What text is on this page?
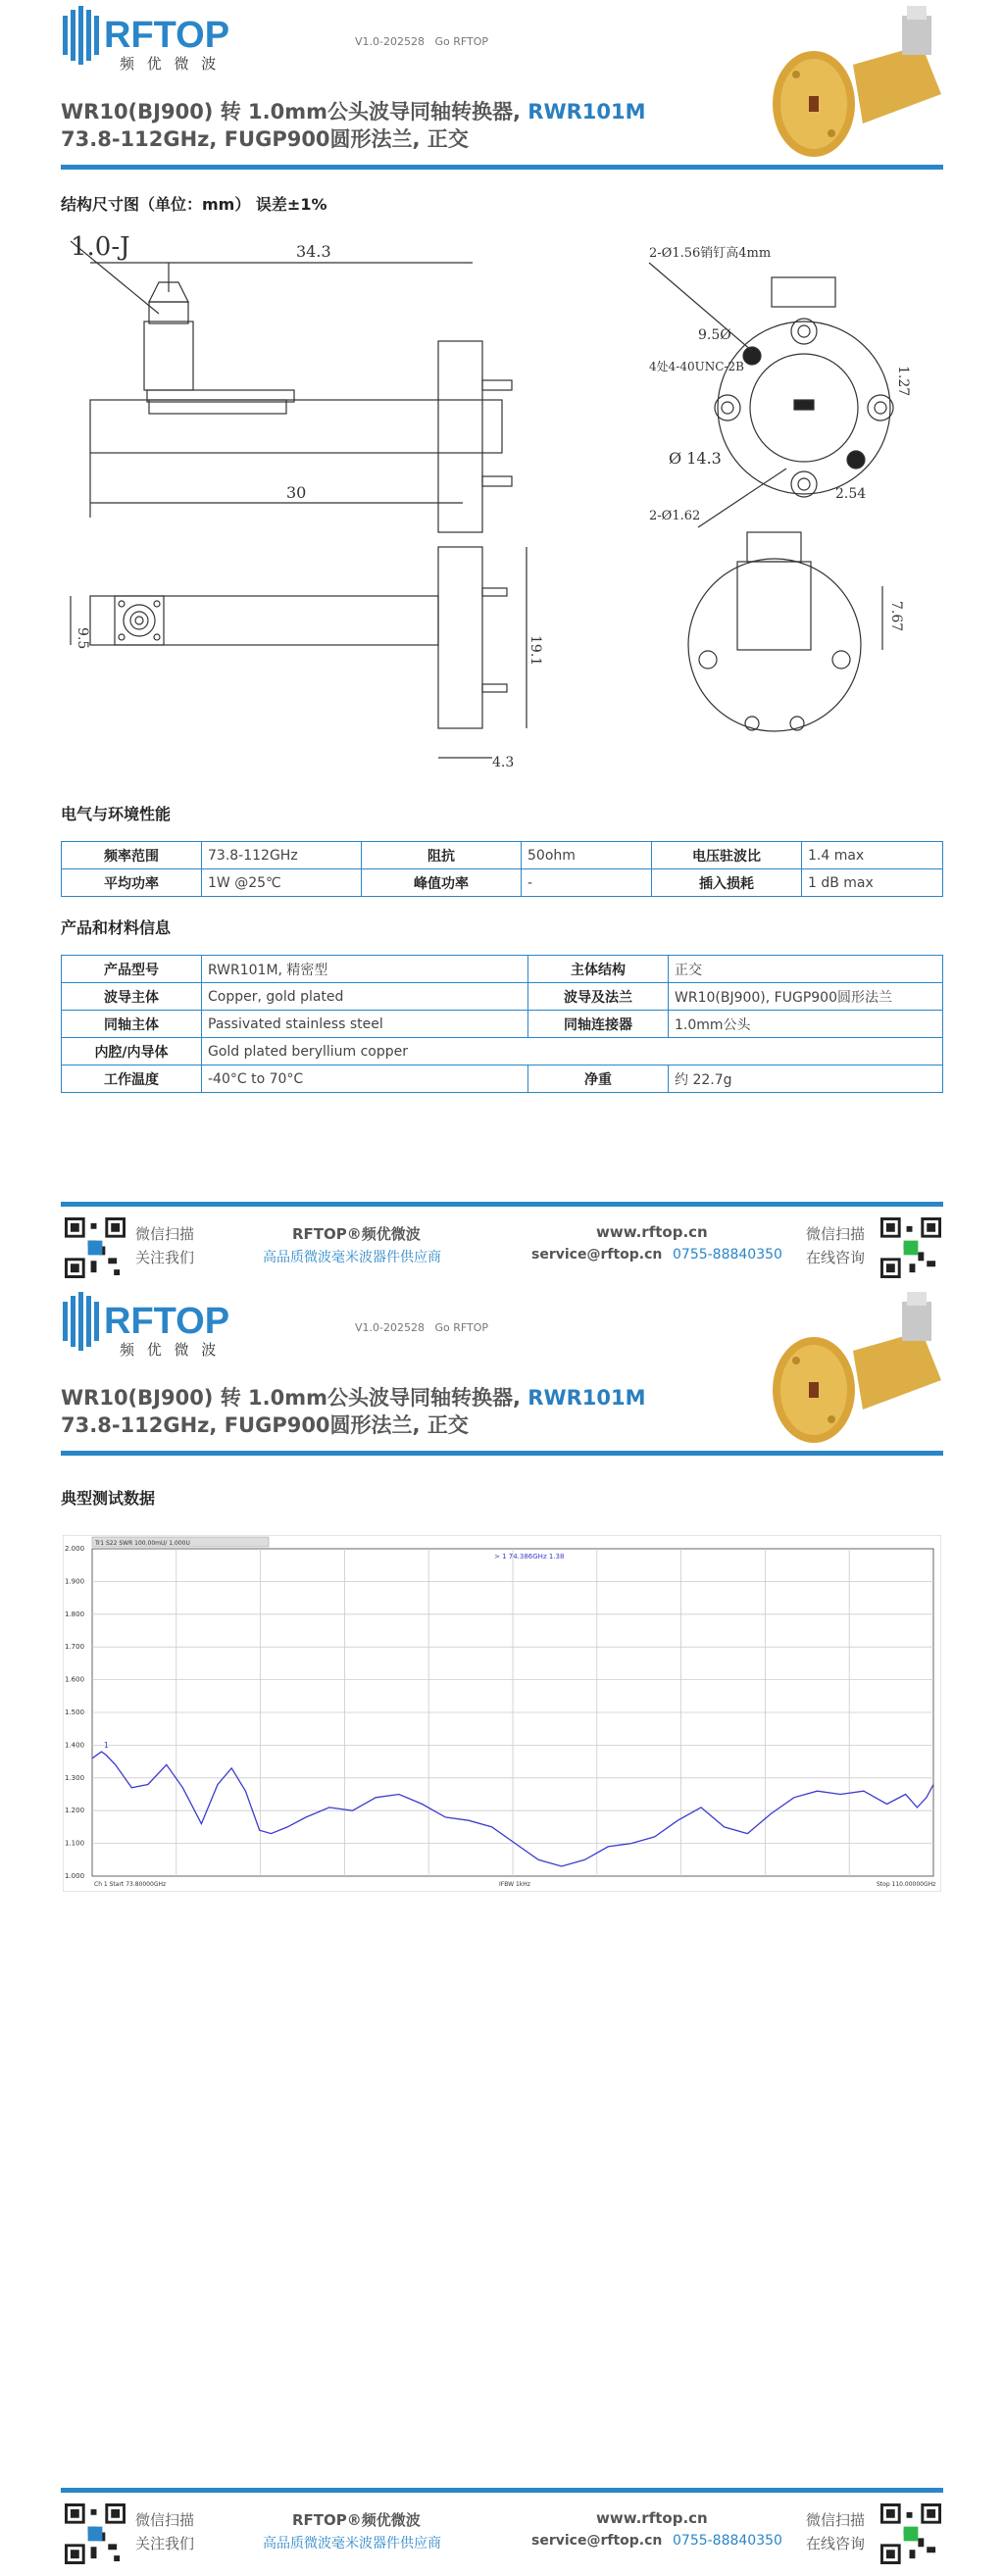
RFTOP
频 优 微 波
V1.0-202528 Go RFTOP
WR10(BJ900) 转 1.0mm公头波导同轴转换器, RWR101M
73.8-112GHz, FUGP900圆形法兰, 正交
结构尺寸图（单位：mm） 误差±1%
1.0-J	34.3
30
9.5	19.1
4.3
2-Ø1.56销钉高4mm
9.5Ø
4处4-40UNC-2B
Ø 14.3
2-Ø1.62
1.27
2.54
7.67
电气与环境性能
频率范围	73.8-112GHz	阻抗	50ohm	电压驻波比	1.4 max
平均功率	1W @25℃	峰值功率	-	插入损耗	1 dB max
产品和材料信息
产品型号	RWR101M, 精密型	主体结构	正交
波导主体	Copper, gold plated	波导及法兰	WR10(BJ900), FUGP900圆形法兰
同轴主体	Passivated stainless steel	同轴连接器	1.0mm公头
内腔/内导体	Gold plated beryllium copper		
工作温度	-40°C to 70°C	净重	约 22.7g
微信扫描
关注我们
RFTOP®频优微波
高品质微波毫米波器件供应商
www.rftop.cn
service@rftop.cn 0755-88840350
微信扫描
在线咨询
RFTOP
频 优 微 波
V1.0-202528 Go RFTOP
WR10(BJ900) 转 1.0mm公头波导同轴转换器, RWR101M
73.8-112GHz, FUGP900圆形法兰, 正交
典型测试数据
2.000
1.900
1.800
1.700
1.600
1.500
1.400
1.300
1.200
1.100
1.000
Tr1 S22 SWR 100.00mU/ 1.000U
> 1 74.386GHz 1.38
Ch 1 Start 73.80000GHz	IFBW 1kHz	Stop 110.00000GHz
1
微信扫描
关注我们
RFTOP®频优微波
高品质微波毫米波器件供应商
www.rftop.cn
service@rftop.cn 0755-88840350
微信扫描
在线咨询
